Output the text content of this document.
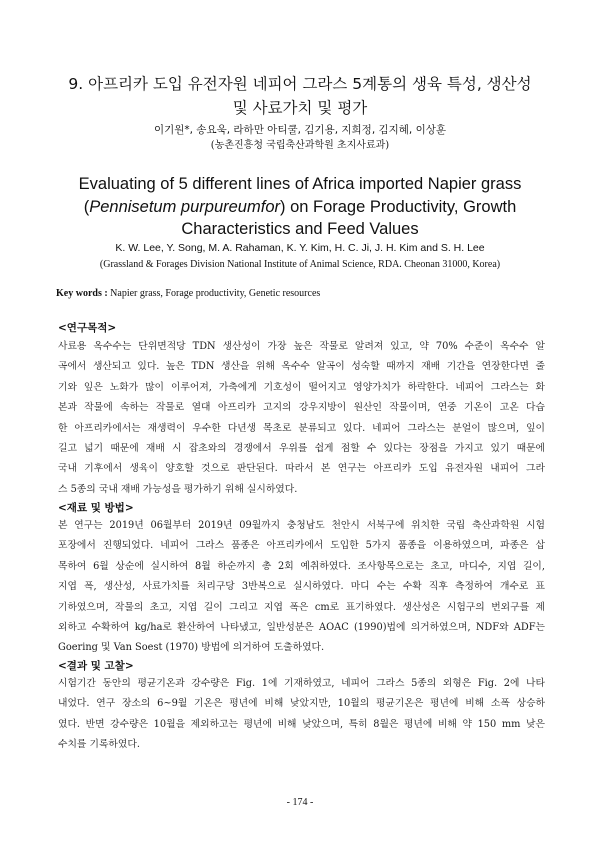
9. 아프리카 도입 유전자원 네피어 그라스 5계통의 생육 특성, 생산성
및 사료가치 및 평가
이기원*, 송요욱, 라하만 아티쿨, 김기용, 지희정, 김지혜, 이상훈
(농촌진흥청 국립축산과학원 초지사료과)
Evaluating of 5 different lines of Africa imported Napier grass
(Pennisetum purpureumfor) on Forage Productivity, Growth
Characteristics and Feed Values
K. W. Lee, Y. Song, M. A. Rahaman, K. Y. Kim, H. C. Ji, J. H. Kim and S. H. Lee
(Grassland & Forages Division National Institute of Animal Science, RDA. Cheonan 31000, Korea)
Key words : Napier grass, Forage productivity, Genetic resources
<연구목적>
사료용 옥수수는 단위면적당 TDN 생산성이 가장 높은 작물로 알려져 있고, 약 70% 수준이 옥수수 알
곡에서 생산되고 있다. 높은 TDN 생산을 위해 옥수수 알곡이 성숙할 때까지 재배 기간을 연장한다면 줄
기와 잎은 노화가 많이 이루어져, 가축에게 기호성이 떨어지고 영양가치가 하락한다. 네피어 그라스는 화
본과 작물에 속하는 작물로 열대 아프리카 고지의 강우지방이 원산인 작물이며, 연중 기온이 고온 다습
한 아프리카에서는 재생력이 우수한 다년생 목초로 분류되고 있다. 네피어 그라스는 분얼이 많으며, 잎이
길고 넓기 때문에 재배 시 잡초와의 경쟁에서 우위를 쉽게 점할 수 있다는 장점을 가지고 있기 때문에
국내 기후에서 생육이 양호할 것으로 판단된다. 따라서 본 연구는 아프리카 도입 유전자원 내피어 그라
스 5종의 국내 재배 가능성을 평가하기 위해 실시하였다.
<재료 및 방법>
본 연구는 2019년 06월부터 2019년 09월까지 충청남도 천안시 서북구에 위치한 국립 축산과학원 시험
포장에서 진행되었다. 네피어 그라스 품종은 아프리카에서 도입한 5가지 품종을 이용하였으며, 파종은 삽
목하여 6월 상순에 실시하여 8월 하순까지 총 2회 예취하였다. 조사항목으로는 초고, 마디수, 지엽 길이,
지엽 폭, 생산성, 사료가치를 처리구당 3반복으로 실시하였다. 마디 수는 수확 직후 측정하여 개수로 표
기하였으며, 작물의 초고, 지엽 길이 그리고 지엽 폭은 cm로 표기하였다. 생산성은 시험구의 번외구를 제
외하고 수확하여 kg/ha로 환산하여 나타냈고, 일반성분은 AOAC (1990)법에 의거하였으며, NDF와 ADF는
Goering 및 Van Soest (1970) 방법에 의거하여 도출하였다.
<결과 및 고찰>
시험기간 동안의 평균기온과 강수량은 Fig. 1에 기재하였고, 네피어 그라스 5종의 외형은 Fig. 2에 나타
내었다. 연구 장소의 6~9월 기온은 평년에 비해 낮았지만, 10월의 평균기온은 평년에 비해 소폭 상승하
였다. 반면 강수량은 10월을 제외하고는 평년에 비해 낮았으며, 특히 8월은 평년에 비해 약 150 mm 낮은
수치를 기록하였다.
- 174 -
